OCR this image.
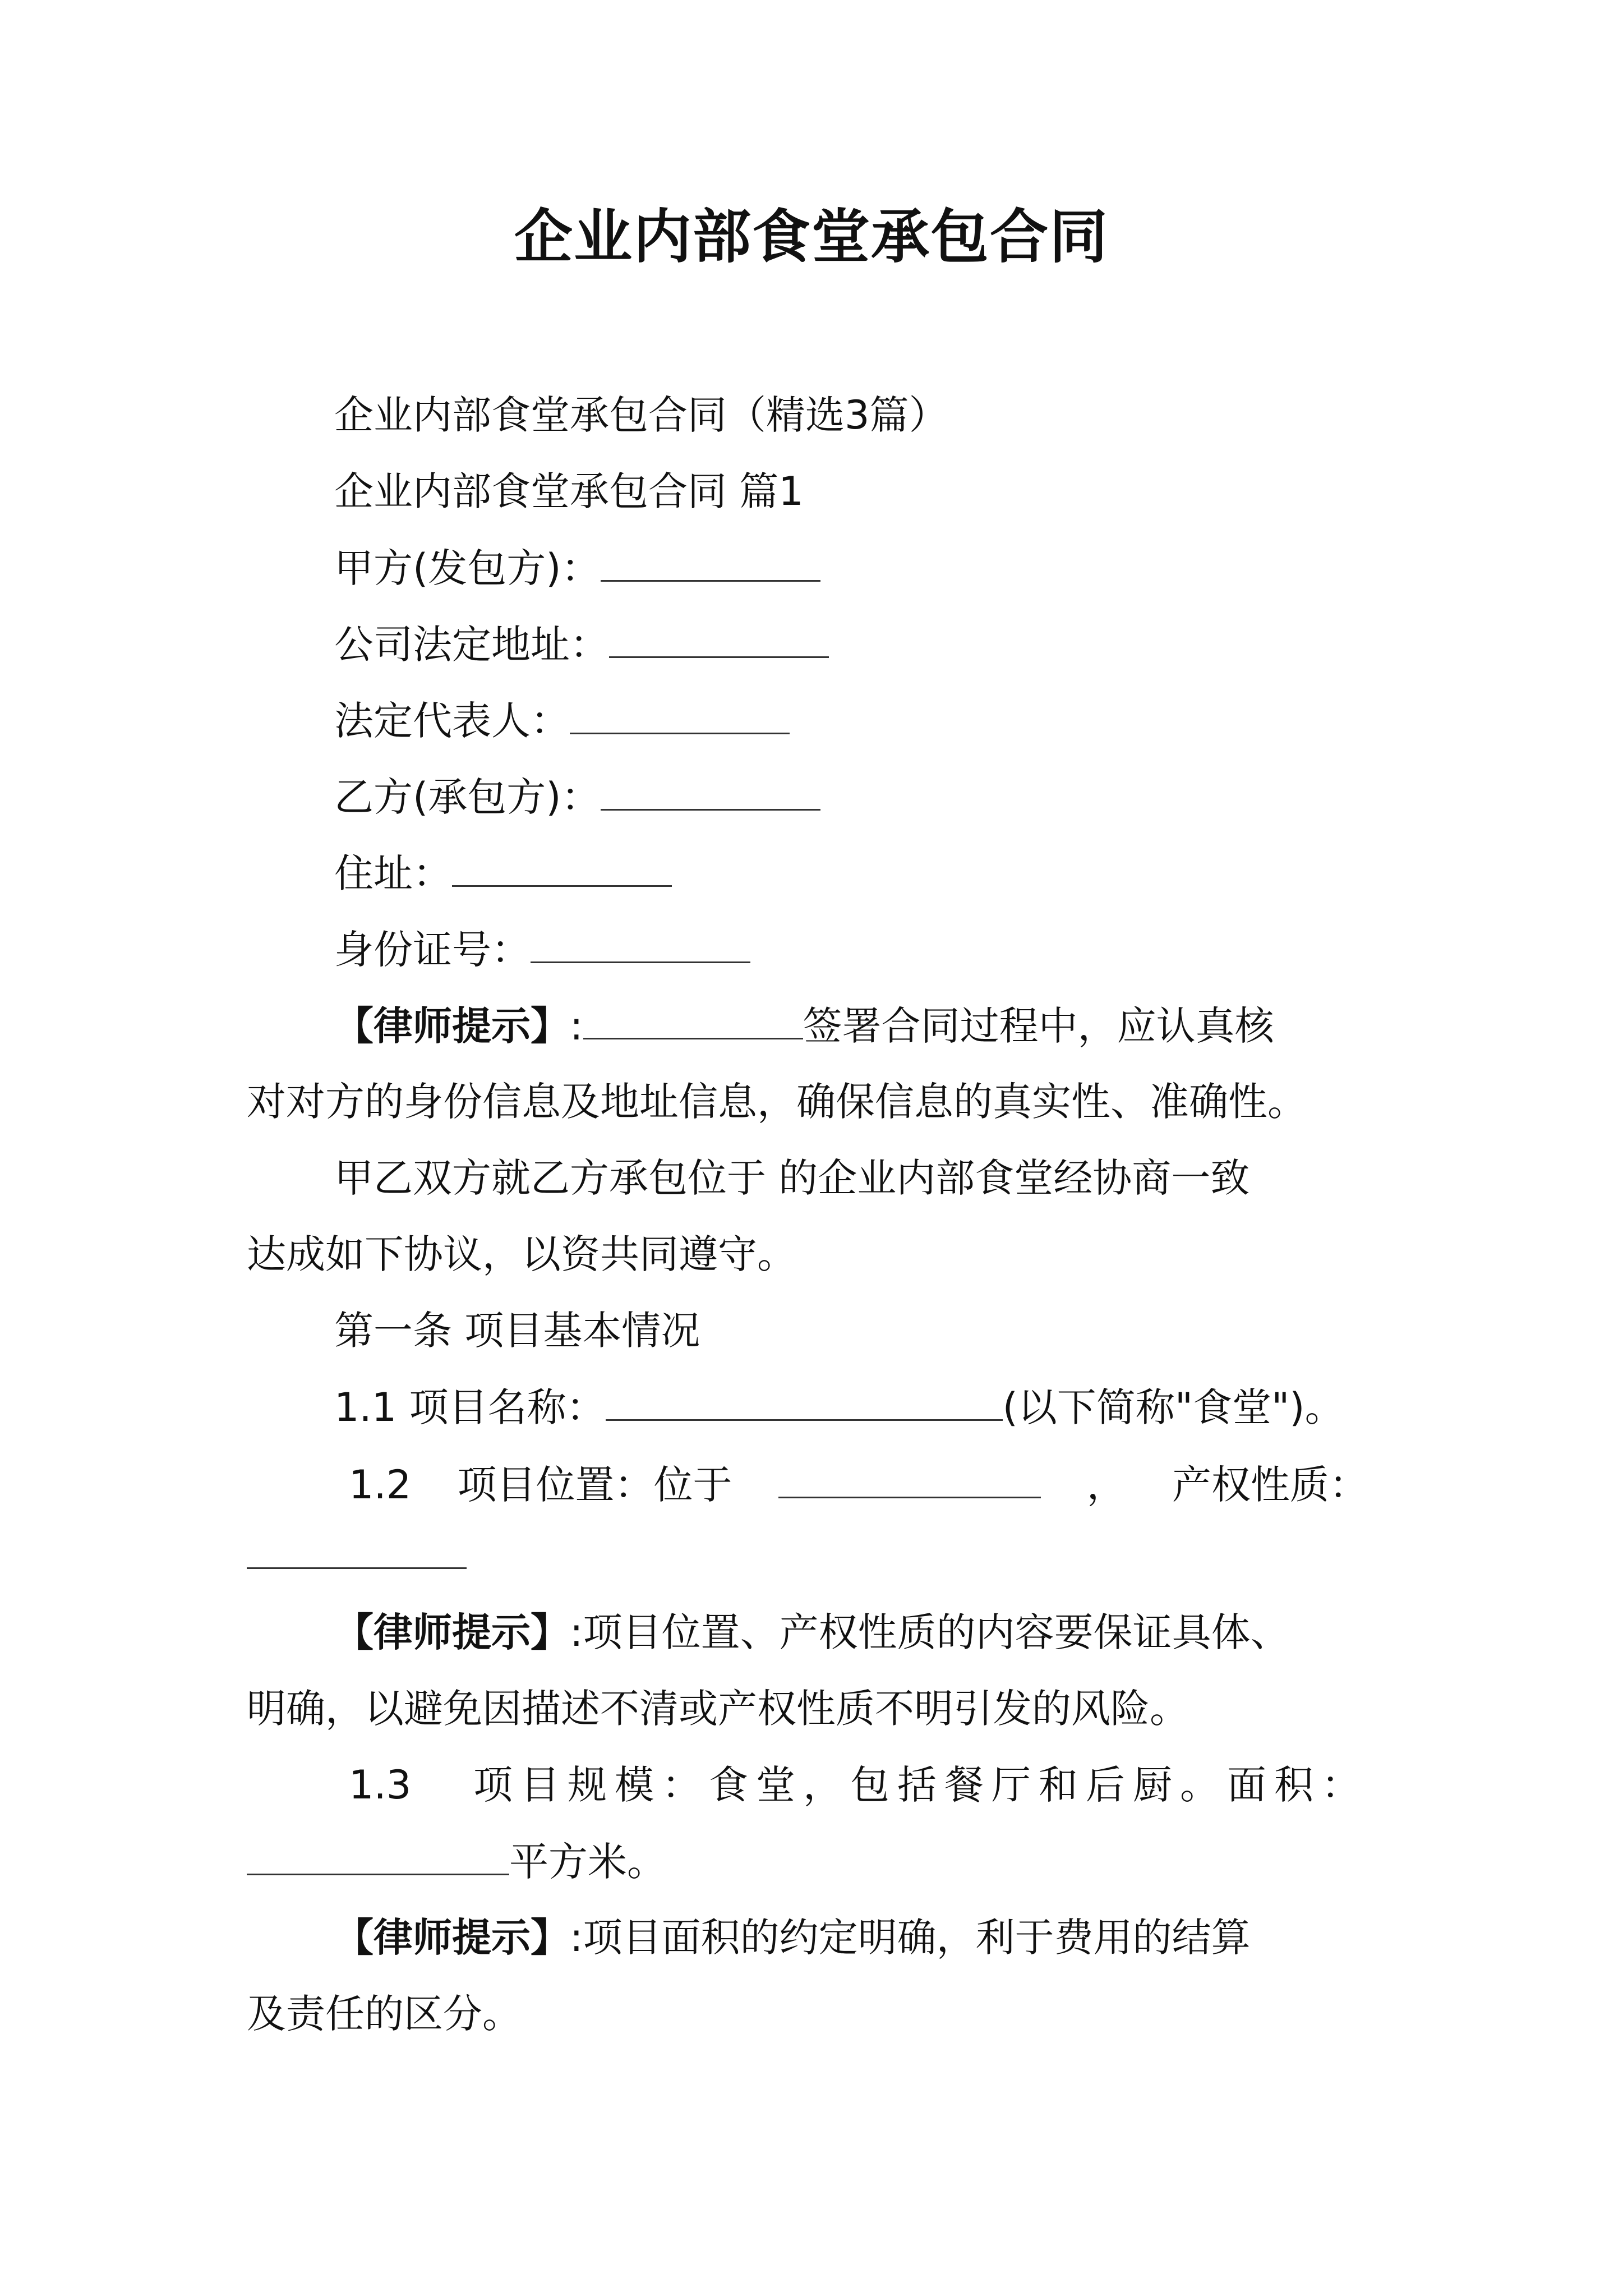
企业内部食堂承包合同
企业内部食堂承包合同（精选3篇）
企业内部食堂承包合同 篇1
甲方(发包方)：
公司法定地址：
法定代表人：
乙方(承包方)：
住址：
身份证号：
【律师提示】:	签署合同过程中，应认真核
对对方的身份信息及地址信息，确保信息的真实性、准确性。
甲乙双方就乙方承包位于 的企业内部食堂经协商一致
达成如下协议，以资共同遵守。
第一条 项目基本情况
1.1 项目名称：	(以下简称"食堂")。
1.2 项目位置：位于	， 产权性质：
【律师提示】:项目位置、产权性质的内容要保证具体、
明确，以避免因描述不清或产权性质不明引发的风险。
1.3 项目规模：食堂，包括餐厅和后厨。面积：
平方米。
【律师提示】:项目面积的约定明确，利于费用的结算
及责任的区分。
